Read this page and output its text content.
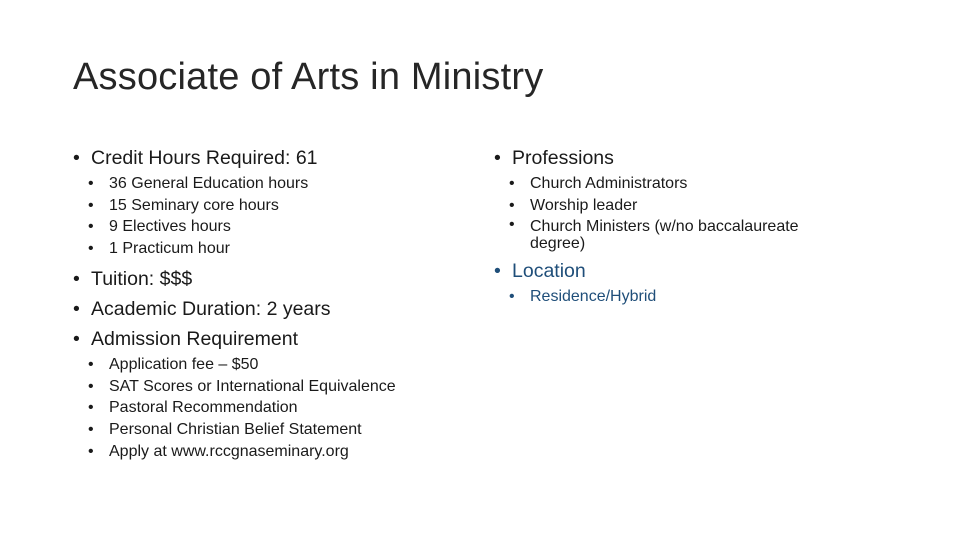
Associate of Arts in Ministry
• Credit Hours Required: 61
• 36 General Education hours
• 15 Seminary core hours
• 9 Electives hours
• 1 Practicum hour
• Tuition: $$$
• Academic Duration: 2 years
• Admission Requirement
• Application fee – $50
• SAT Scores or International Equivalence
• Pastoral Recommendation
• Personal Christian Belief Statement
• Apply at www.rccgnaseminary.org
• Professions
• Church Administrators
• Worship leader
• Church Ministers (w/no baccalaureate degree)
• Location
• Residence/Hybrid
